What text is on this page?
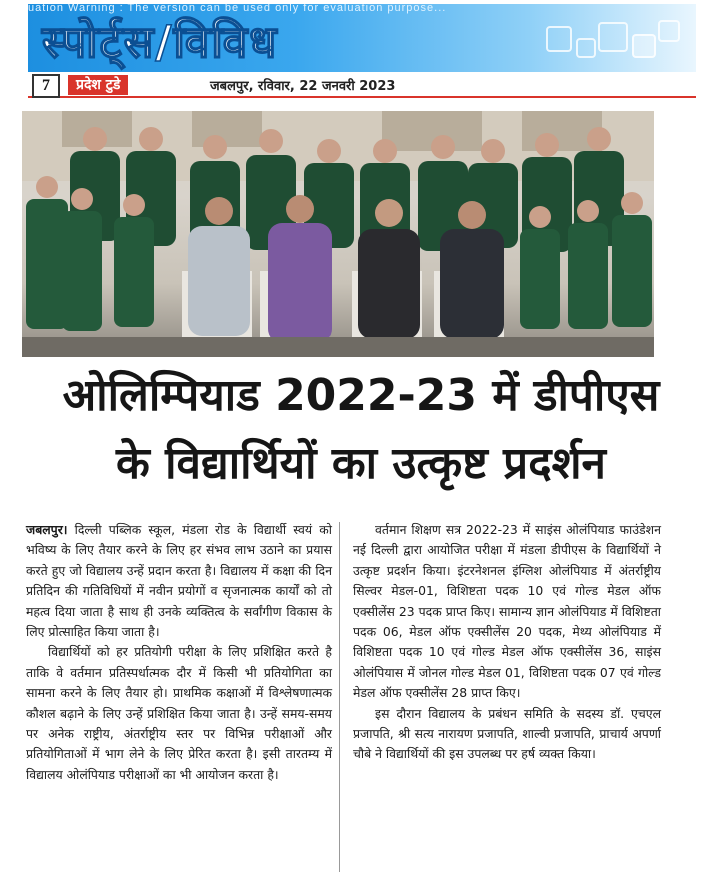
uation Warning : The version can be used only for evaluation purpose...
स्पोर्ट्स/विविध
7	प्रदेश टुडे	जबलपुर, रविवार, 22 जनवरी 2023
ओलिम्पियाड 2022-23 में डीपीएस
के विद्यार्थियों का उत्कृष्ट प्रदर्शन

जबलपुर। दिल्ली पब्लिक स्कूल, मंडला रोड के विद्यार्थी स्वयं को भविष्य के लिए तैयार करने के लिए हर संभव लाभ उठाने का प्रयास करते हुए जो विद्यालय उन्हें प्रदान करता है। विद्यालय में कक्षा की दिन प्रतिदिन की गतिविधियों में नवीन प्रयोगों व सृजनात्मक कार्यों को तो महत्व दिया जाता है साथ ही उनके व्यक्तित्व के सर्वांगीण विकास के लिए प्रोत्साहित किया जाता है।

विद्यार्थियों को हर प्रतियोगी परीक्षा के लिए प्रशिक्षित करते है ताकि वे वर्तमान प्रतिस्पर्धात्मक दौर में किसी भी प्रतियोगिता का सामना करने के लिए तैयार हो। प्राथमिक कक्षाओं में विश्लेषणात्मक कौशल बढ़ाने के लिए उन्हें प्रशिक्षित किया जाता है। उन्हें समय-समय पर अनेक राष्ट्रीय, अंतर्राष्ट्रीय स्तर पर विभिन्न परीक्षाओं और प्रतियोगिताओं में भाग लेने के लिए प्रेरित करता है। इसी तारतम्य में विद्यालय ओलंपियाड परीक्षाओं का भी आयोजन करता है।

वर्तमान शिक्षण सत्र 2022-23 में साइंस ओलंपियाड फाउंडेशन नई दिल्ली द्वारा आयोजित परीक्षा में मंडला डीपीएस के विद्यार्थियों ने उत्कृष्ट प्रदर्शन किया। इंटरनेशनल इंग्लिश ओलंपियाड में अंतर्राष्ट्रीय सिल्वर मेडल-01, विशिष्टता पदक 10 एवं गोल्ड मेडल ऑफ एक्सीलेंस 23 पदक प्राप्त किए। सामान्य ज्ञान ओलंपियाड में विशिष्टता पदक 06, मेडल ऑफ एक्सीलेंस 20 पदक, मेथ्य ओलंपियाड में विशिष्टता पदक 10 एवं गोल्ड मेडल ऑफ एक्सीलेंस 36, साइंस ओलंपियास में जोनल गोल्ड मेडल 01, विशिष्टता पदक 07 एवं गोल्ड मेडल ऑफ एक्सीलेंस 28 प्राप्त किए।

इस दौरान विद्यालय के प्रबंधन समिति के सदस्य डॉ. एचएल प्रजापति, श्री सत्य नारायण प्रजापति, शाल्वी प्रजापति, प्राचार्य अपर्णा चौबे ने विद्यार्थियों की इस उपलब्ध पर हर्ष व्यक्त किया।
